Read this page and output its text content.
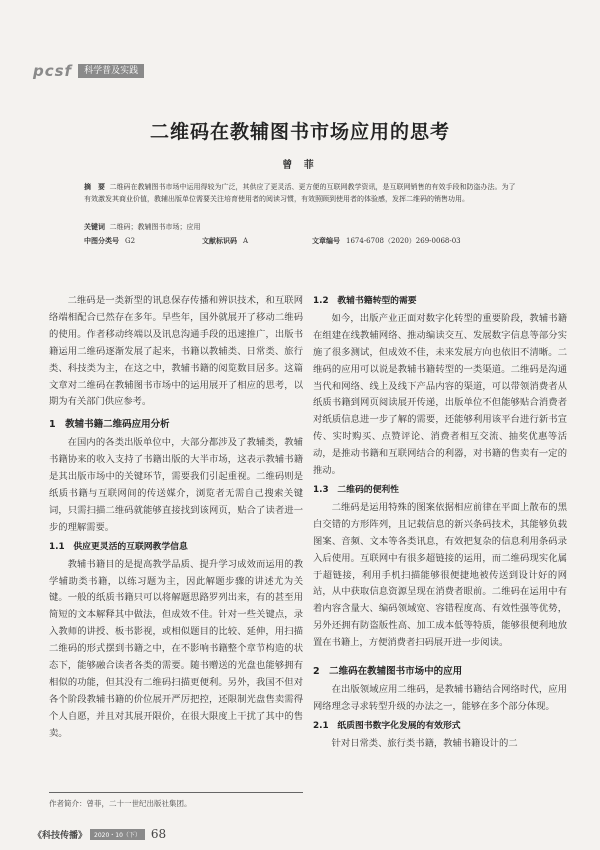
pcsf	科学普及实践
二维码在教辅图书市场应用的思考
曾 菲
摘　要 二维码在教辅图书市场中运用得较为广泛，其供应了更灵活、更方便的互联网教学资讯，是互联网销售的有效手段和防盗办法。为了有效激发其商业价值，教辅出版单位需要关注培育使用者的阅读习惯，有效照顾到使用者的体验感，发挥二维码的销售功用。
关键词 二维码；教辅图书市场；应用
中图分类号 G2	文献标识码 A	文章编号 1674-6708（2020）269-0068-03

二维码是一类新型的讯息保存传播和辨识技术，和互联网络端相配合已然存在多年。早些年，国外就展开了移动二维码的使用。作者移动终端以及讯息沟通手段的迅速推广，出版书籍运用二维码逐渐发展了起来，书籍以教辅类、日常类、旅行类、科技类为主，在这之中，教辅书籍的阅览数目居多。这篇文章对二维码在教辅图书市场中的运用展开了相应的思考，以期为有关部门供应参考。

1　教辅书籍二维码应用分析

在国内的各类出版单位中，大部分都涉及了教辅类，教辅书籍协来的收入支持了书籍出版的大半市场，这表示教辅书籍是其出版市场中的关键环节，需要我们引起重视。二维码则是纸质书籍与互联网间的传送媒介，浏览者无需自己搜索关键词，只需扫描二维码就能够直接找到该网页，贴合了读者进一步的理解需要。

1.1　供应更灵活的互联网教学信息

教辅书籍目的是提高教学品质、提升学习成效而运用的教学辅助类书籍，以练习题为主，因此解题步骤的讲述尤为关键。一般的纸质书籍只可以将解题思路罗列出来，有的甚至用简短的文本解释其中做法，但成效不佳。针对一些关键点，录入教师的讲授、板书影视，或相似题目的比较、延伸，用扫描二维码的形式摆到书籍之中，在不影响书籍整个章节构造的状态下，能够融合读者各类的需要。随书赠送的光盘也能够拥有相似的功能，但其没有二维码扫描更便利。另外，我国不但对各个阶段教辅书籍的价位展开严厉把控，还限制光盘售卖需得个人自愿，并且对其展开限价，在很大限度上干扰了其中的售卖。

1.2　教辅书籍转型的需要

如今，出版产业正面对数字化转型的重要阶段，教辅书籍在组建在线教辅网络、推动编读交互、发展数字信息等部分实施了很多测试，但成效不佳，未来发展方向也依旧不清晰。二维码的应用可以说是教辅书籍转型的一类渠道。二维码是沟通当代和网络、线上及线下产品内容的渠道，可以带领消费者从纸质书籍到网页阅读展开传递，出版单位不但能够贴合消费者对纸质信息进一步了解的需要，还能够利用该平台进行新书宣传、实时购买、点赞评论、消费者相互交流、抽奖优惠等活动，是推动书籍和互联网结合的利器，对书籍的售卖有一定的推动。

1.3　二维码的便利性

二维码是运用特殊的图案依据相应前律在平面上散布的黑白交错的方形阵列，且记载信息的新兴条码技术，其能够负载图案、音频、文本等各类讯息，有效把复杂的信息利用条码录入后使用。互联网中有很多超链接的运用，而二维码现实化属于超链接，利用手机扫描能够很便捷地被传送到设计好的网站，从中获取信息资源呈现在消费者眼前。二维码在运用中有着内容含量大、编码领域宽、容错程度高、有效性强等优势，另外还拥有防盗版性高、加工成本低等特质，能够很便利地放置在书籍上，方便消费者扫码展开进一步阅读。

2　二维码在教辅图书市场中的应用

在出版领域应用二维码，是教辅书籍结合网络时代，应用网络理念寻求转型升级的办法之一，能够在多个部分体现。

2.1　纸质图书数字化发展的有效形式

针对日常类、旅行类书籍，教辅书籍设计的二

作者简介：曾菲，二十一世纪出版社集团。
《科技传播》	2020・10（下） 68
